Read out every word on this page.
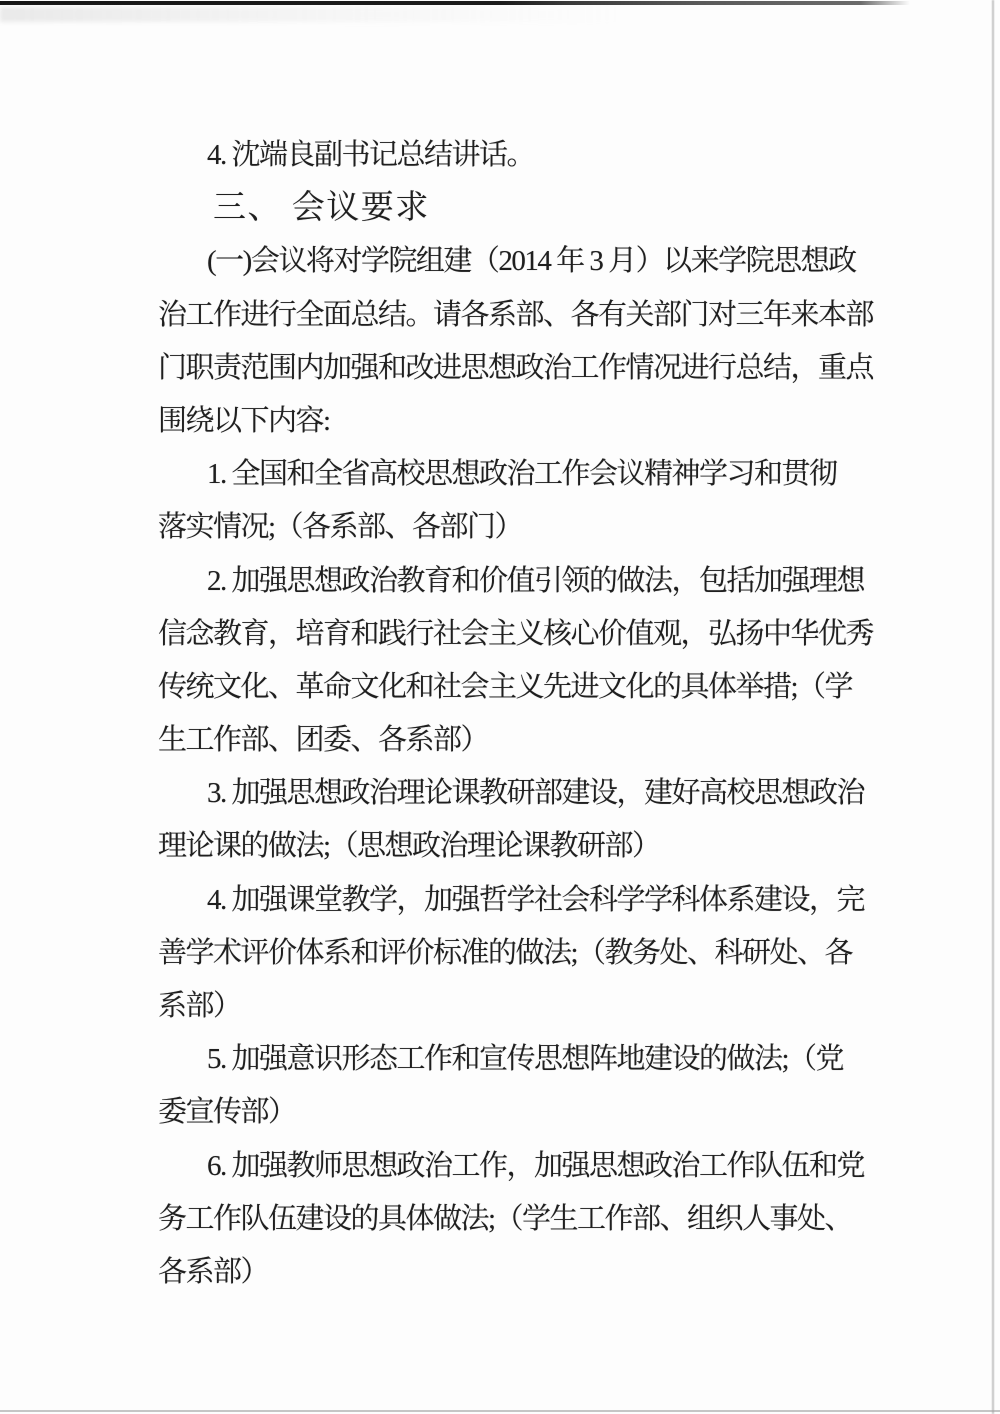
4. 沈端良副书记总结讲话。
三、 会议要求
(一)会议将对学院组建（2014 年 3 月）以来学院思想政
治工作进行全面总结。请各系部、各有关部门对三年来本部
门职责范围内加强和改进思想政治工作情况进行总结，重点
围绕以下内容:
1. 全国和全省高校思想政治工作会议精神学习和贯彻
落实情况;（各系部、各部门）
2. 加强思想政治教育和价值引领的做法，包括加强理想
信念教育，培育和践行社会主义核心价值观，弘扬中华优秀
传统文化、革命文化和社会主义先进文化的具体举措;（学
生工作部、团委、各系部）
3. 加强思想政治理论课教研部建设，建好高校思想政治
理论课的做法;（思想政治理论课教研部）
4. 加强课堂教学，加强哲学社会科学学科体系建设，完
善学术评价体系和评价标准的做法;（教务处、科研处、各
系部）
5. 加强意识形态工作和宣传思想阵地建设的做法;（党
委宣传部）
6. 加强教师思想政治工作，加强思想政治工作队伍和党
务工作队伍建设的具体做法;（学生工作部、组织人事处、
各系部）
